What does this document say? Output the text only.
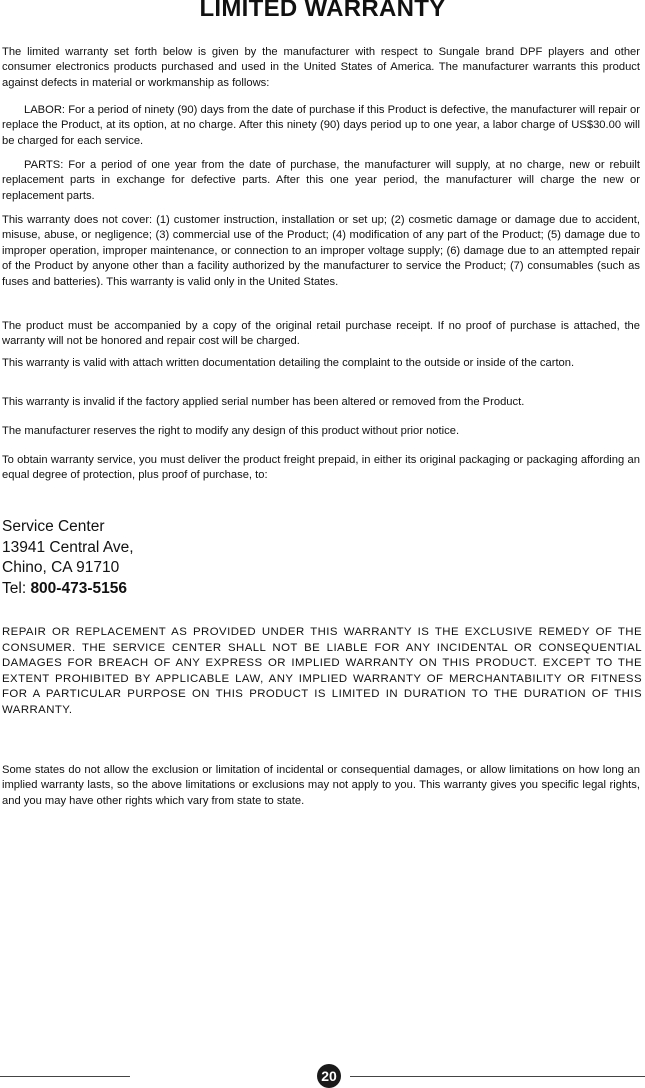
LIMITED WARRANTY

The limited warranty set forth below is given by the manufacturer with respect to Sungale brand DPF players and other consumer electronics products purchased and used in the United States of America. The manufacturer warrants this product against defects in material or workmanship as follows:

LABOR: For a period of ninety (90) days from the date of purchase if this Product is defective, the manufacturer will repair or replace the Product, at its option, at no charge. After this ninety (90) days period up to one year, a labor charge of US$30.00 will be charged for each service.

PARTS: For a period of one year from the date of purchase, the manufacturer will supply, at no charge, new or rebuilt replacement parts in exchange for defective parts. After this one year period, the manufacturer will charge the new or replacement parts.

This warranty does not cover: (1) customer instruction, installation or set up; (2) cosmetic damage or damage due to accident, misuse, abuse, or negligence; (3) commercial use of the Product; (4) modification of any part of the Product; (5) damage due to improper operation, improper maintenance, or connection to an improper voltage supply; (6) damage due to an attempted repair of the Product by anyone other than a facility authorized by the manufacturer to service the Product; (7) consumables (such as fuses and batteries). This warranty is valid only in the United States.

The product must be accompanied by a copy of the original retail purchase receipt. If no proof of purchase is attached, the warranty will not be honored and repair cost will be charged.

This warranty is valid with attach written documentation detailing the complaint to the outside or inside of the carton.

This warranty is invalid if the factory applied serial number has been altered or removed from the Product.

The manufacturer reserves the right to modify any design of this product without prior notice.

To obtain warranty service, you must deliver the product freight prepaid, in either its original packaging or packaging affording an equal degree of protection, plus proof of purchase, to:

Service Center
13941 Central Ave,
Chino, CA 91710
Tel: 800-473-5156

REPAIR OR REPLACEMENT AS PROVIDED UNDER THIS WARRANTY IS THE EXCLUSIVE REMEDY OF THE CONSUMER. THE SERVICE CENTER SHALL NOT BE LIABLE FOR ANY INCIDENTAL OR CONSEQUENTIAL DAMAGES FOR BREACH OF ANY EXPRESS OR IMPLIED WARRANTY ON THIS PRODUCT. EXCEPT TO THE EXTENT PROHIBITED BY APPLICABLE LAW, ANY IMPLIED WARRANTY OF MERCHANTABILITY OR FITNESS FOR A PARTICULAR PURPOSE ON THIS PRODUCT IS LIMITED IN DURATION TO THE DURATION OF THIS WARRANTY.

Some states do not allow the exclusion or limitation of incidental or consequential damages, or allow limitations on how long an implied warranty lasts, so the above limitations or exclusions may not apply to you. This warranty gives you specific legal rights, and you may have other rights which vary from state to state.

20
